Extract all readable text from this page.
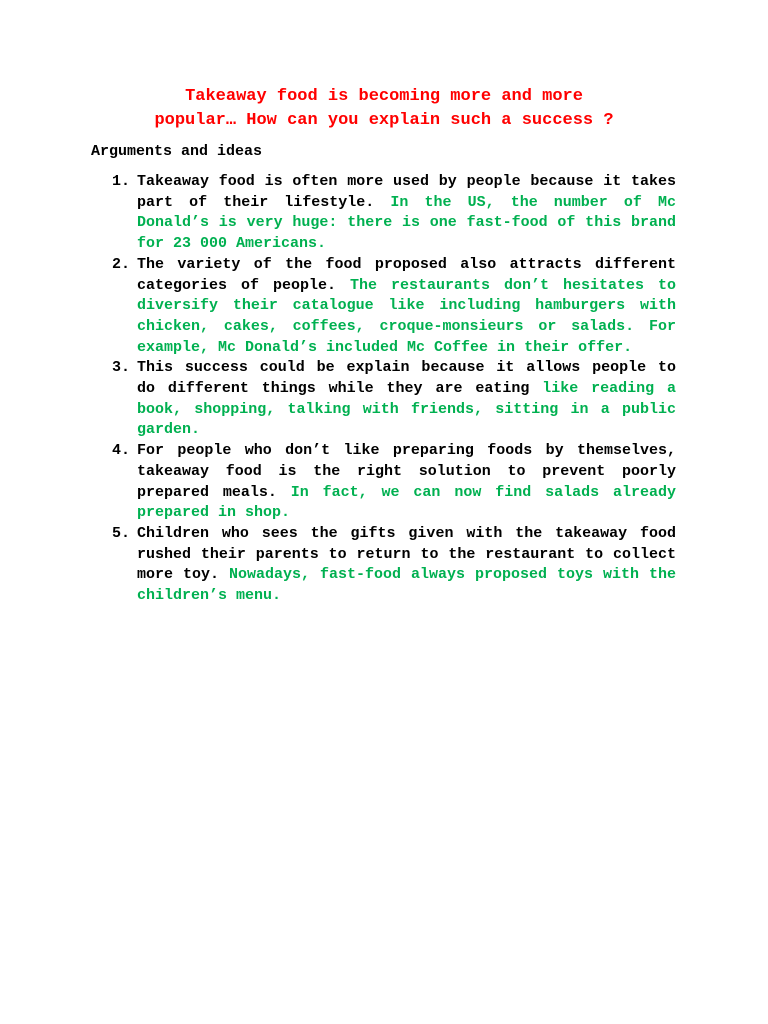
Takeaway food is becoming more and more
popular… How can you explain such a success ?

Arguments and ideas

1. Takeaway food is often more used by people because it takes part of their lifestyle. In the US, the number of Mc Donald’s is very huge: there is one fast-food of this brand for 23 000 Americans.
2. The variety of the food proposed also attracts different categories of people. The restaurants don’t hesitates to diversify their catalogue like including hamburgers with chicken, cakes, coffees, croque-monsieurs or salads. For example, Mc Donald’s included Mc Coffee in their offer.
3. This success could be explain because it allows people to do different things while they are eating like reading a book, shopping, talking with friends, sitting in a public garden.
4. For people who don’t like preparing foods by themselves, takeaway food is the right solution to prevent poorly prepared meals. In fact, we can now find salads already prepared in shop.
5. Children who sees the gifts given with the takeaway food rushed their parents to return to the restaurant to collect more toy. Nowadays, fast-food always proposed toys with the children’s menu.
